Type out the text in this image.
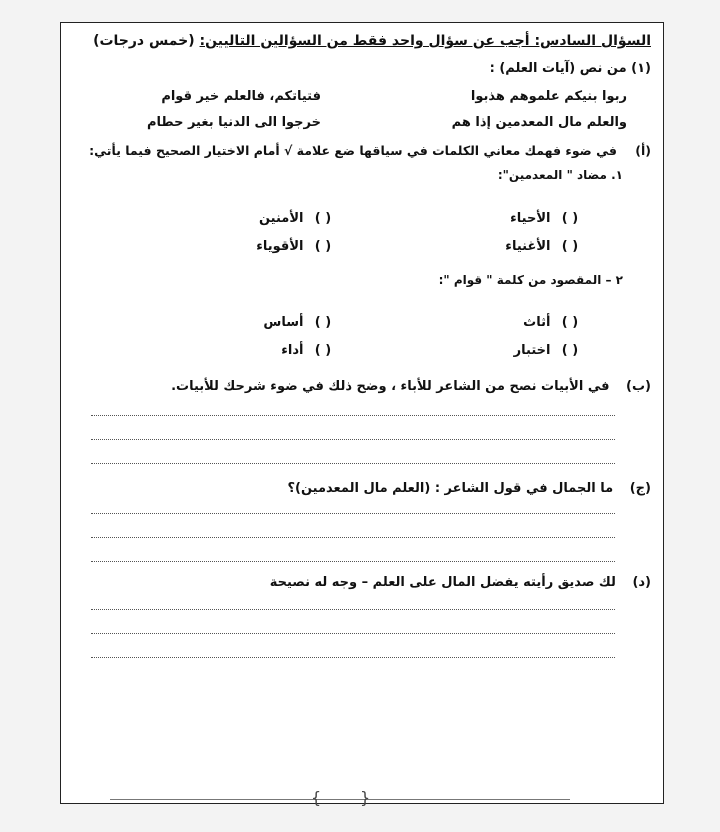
السؤال السادس: أجب عن سؤال واحد فقط من السؤالين التاليين: (خمس درجات)
(١) من نص (آيات العلم) :
ربوا بنيكم علموهم هذبوا
فتياتكم، فالعلم خير قوام
والعلم مال المعدمين إذا هم
خرجوا الى الدنيا بغير حطام
(أ) في ضوء فهمك معاني الكلمات في سياقها ضع علامة √ أمام الاختيار الصحيح فيما يأتي:
١. مضاد " المعدمين":
( ) الأحياء
( ) الأمنين
( ) الأغنياء
( ) الأقوياء
٢ – المقصود من كلمة " قوام ":
( ) أثاث
( ) أساس
( ) اختبار
( ) أداء
(ب) في الأبيات نصح من الشاعر للأباء ، وضح ذلك في ضوء شرحك للأبيات.
(ج) ما الجمال في قول الشاعر : (العلم مال المعدمين)؟
(د) لك صديق رأيته يفضل المال على العلم – وجه له نصيحة
{ }
